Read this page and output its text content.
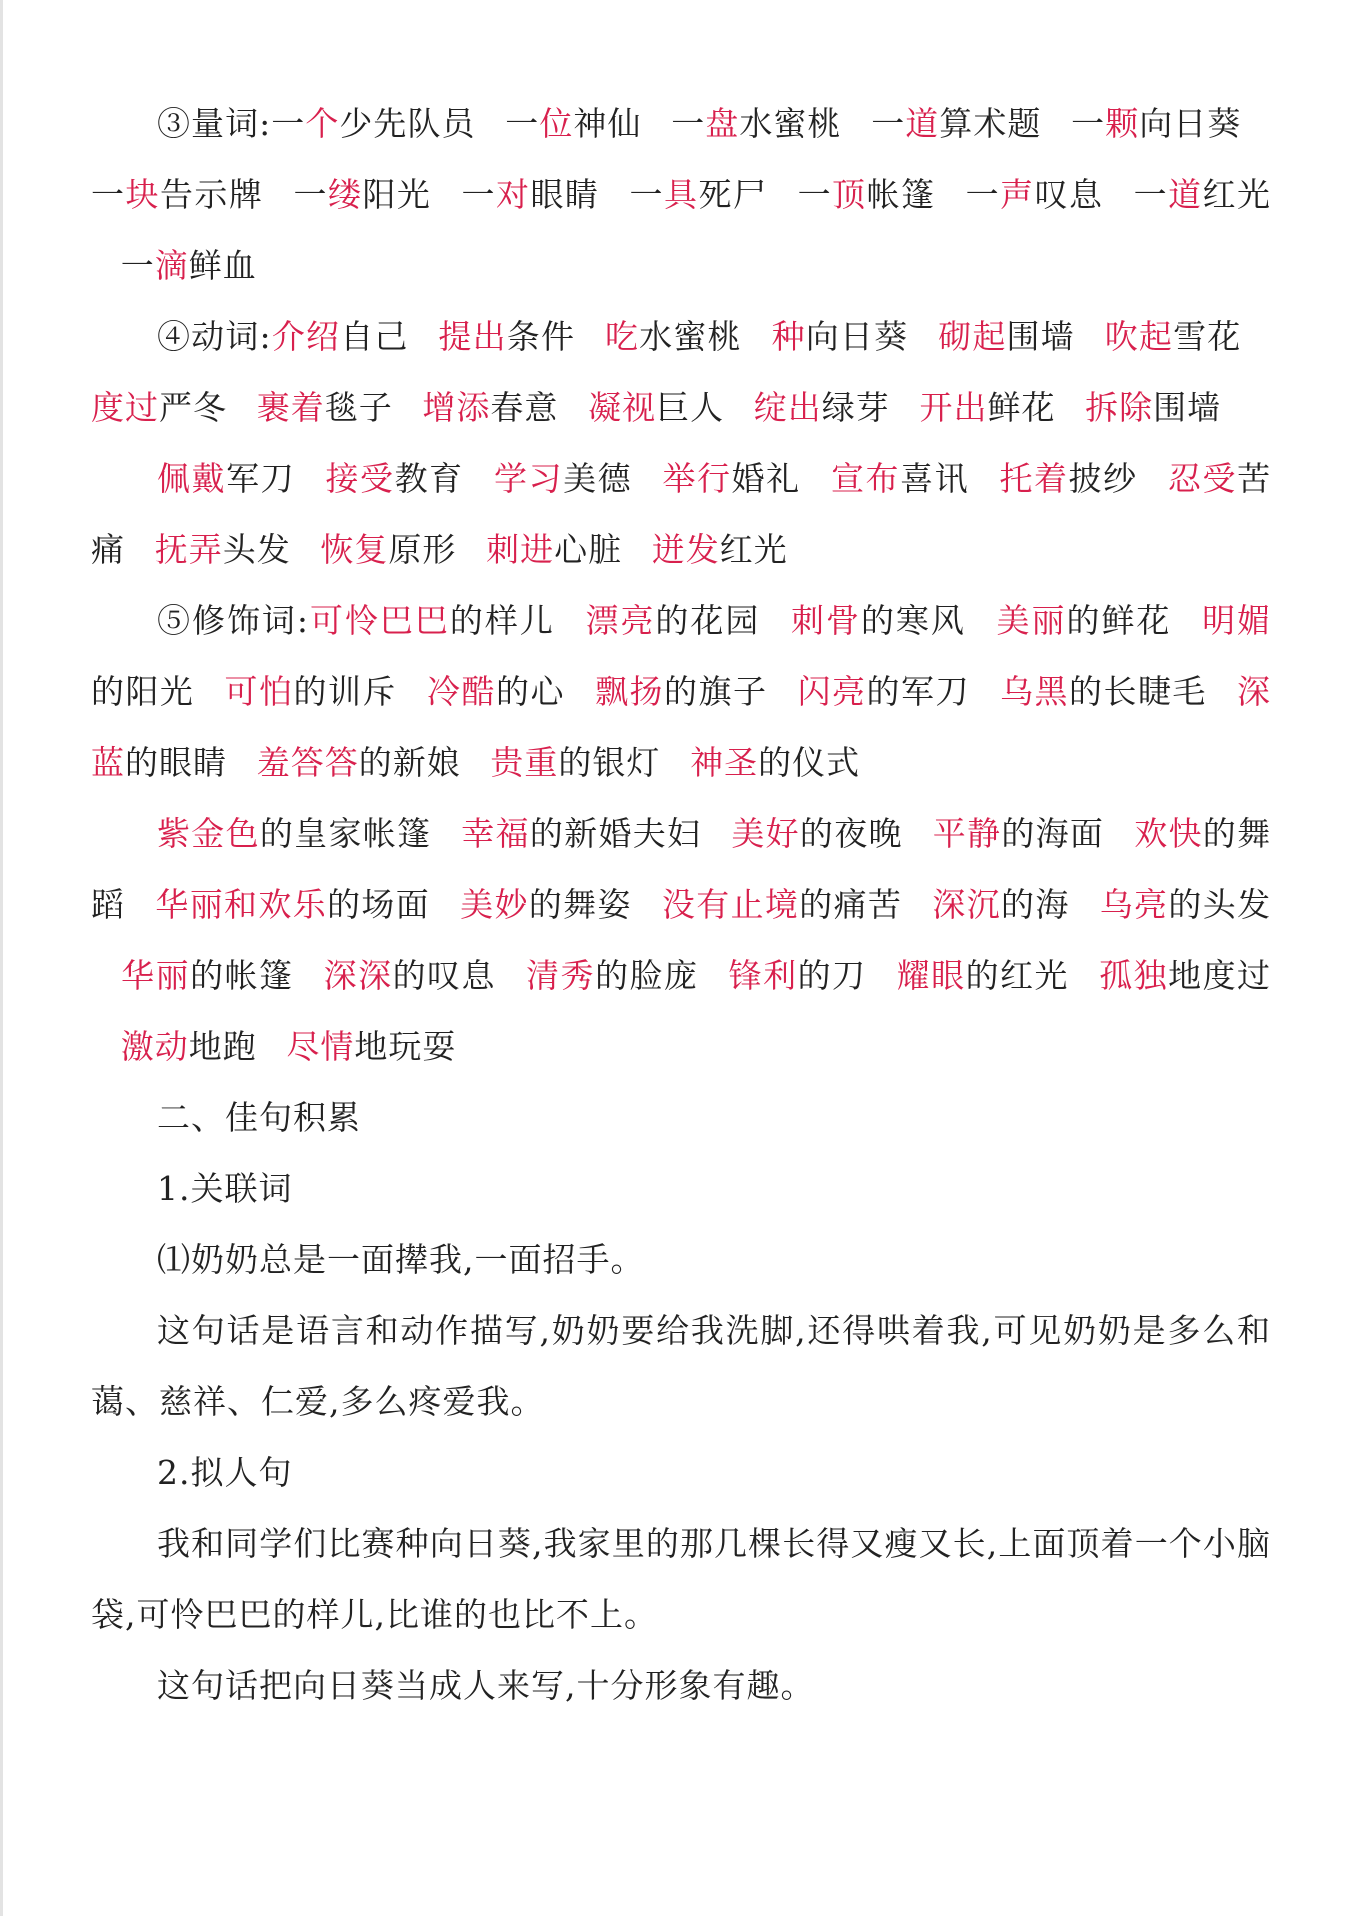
③量词:一个少先队员 一位神仙 一盘水蜜桃 一道算术题 一颗向日葵一块告示牌 一缕阳光 一对眼睛 一具死尸 一顶帐篷 一声叹息 一道红光一滴鲜血

④动词:介绍自己 提出条件 吃水蜜桃 种向日葵 砌起围墙 吹起雪花度过严冬 裹着毯子 增添春意 凝视巨人 绽出绿芽 开出鲜花 拆除围墙

佩戴军刀 接受教育 学习美德 举行婚礼 宣布喜讯 托着披纱 忍受苦痛 抚弄头发 恢复原形 刺进心脏 迸发红光

⑤修饰词:可怜巴巴的样儿 漂亮的花园 刺骨的寒风 美丽的鲜花 明媚的阳光 可怕的训斥 冷酷的心 飘扬的旗子 闪亮的军刀 乌黑的长睫毛 深蓝的眼睛 羞答答的新娘 贵重的银灯 神圣的仪式

紫金色的皇家帐篷 幸福的新婚夫妇 美好的夜晚 平静的海面 欢快的舞蹈 华丽和欢乐的场面 美妙的舞姿 没有止境的痛苦 深沉的海 乌亮的头发华丽的帐篷 深深的叹息 清秀的脸庞 锋利的刀 耀眼的红光 孤独地度过激动地跑 尽情地玩耍

二、佳句积累

1.关联词

⑴奶奶总是一面撵我,一面招手。

这句话是语言和动作描写,奶奶要给我洗脚,还得哄着我,可见奶奶是多么和蔼、慈祥、仁爱,多么疼爱我。

2.拟人句

我和同学们比赛种向日葵,我家里的那几棵长得又瘦又长,上面顶着一个小脑袋,可怜巴巴的样儿,比谁的也比不上。

这句话把向日葵当成人来写,十分形象有趣。
